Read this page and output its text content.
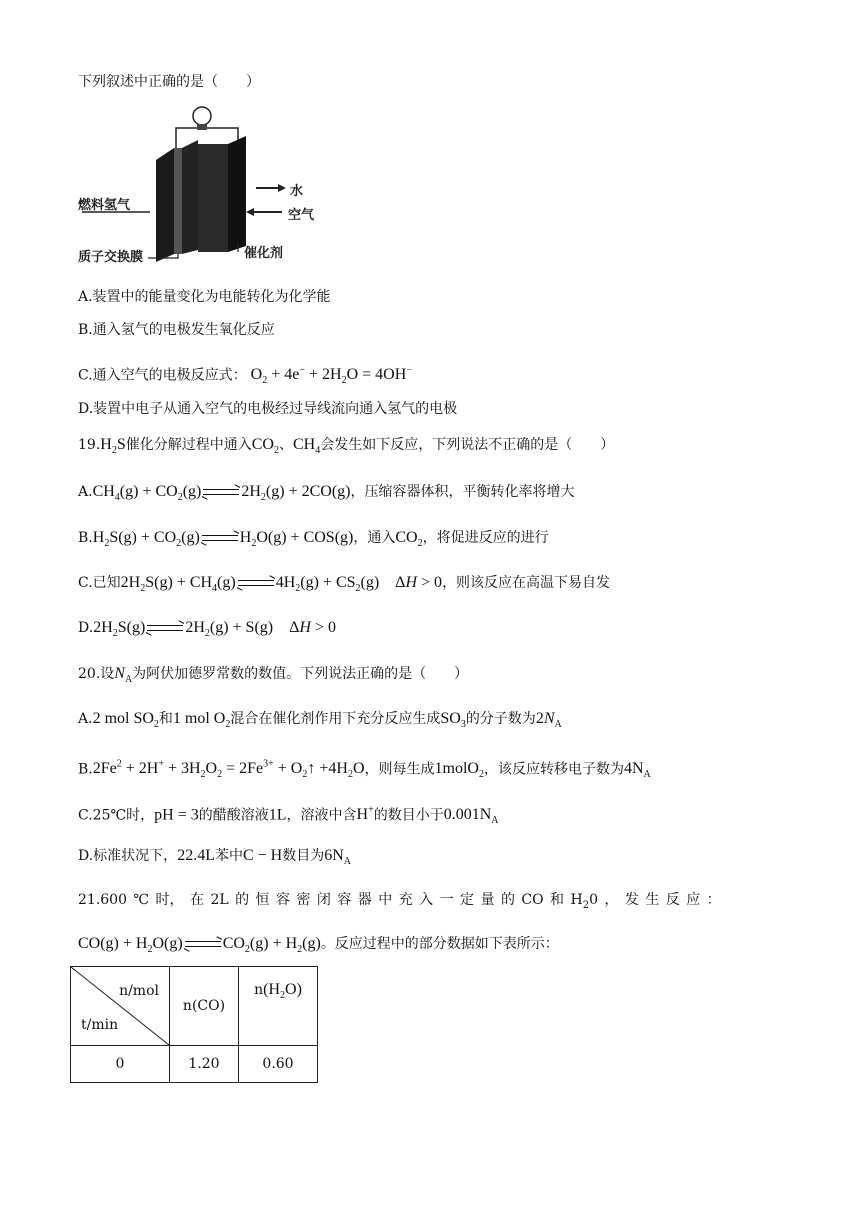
下列叙述中正确的是（　　）
燃料氢气
水
空气
质子交换膜	催化剂
A.装置中的能量变化为电能转化为化学能
B.通入氢气的电极发生氧化反应
C.通入空气的电极反应式： $O_2 + 4e^- + 2H_2O = 4OH^-$
D.装置中电子从通入空气的电极经过导线流向通入氢气的电极
$19.H_2S$催化分解过程中通入$CO_2$、$CH_4$会发生如下反应，下列说法不正确的是（　　）
$A.CH_4(g) + CO_2(g)$	$2H_2(g) + 2CO(g)$，压缩容器体积，平衡转化率将增大
$B.H_2S(g) + CO_2(g)$	$H_2O(g) + COS(g)$，通入$CO_2$，将促进反应的进行
C.已知$2H_2S(g) + CH_4(g)$	$4H_2(g) + CS_2(g)$    ΔH > 0，则该反应在高温下易自发
$D.2H_2S(g)$	$2H_2(g) + S(g)$    ΔH > 0
20.设$N_A$为阿伏加德罗常数的数值。下列说法正确的是（　　）
A.2 mol $SO_2$和1 mol $O_2$混合在催化剂作用下充分反应生成$SO_3$的分子数为$2N_A$
$B.2Fe^2 + 2H^+ + 3H_2O_2 = 2Fe^{3+}$ + $O_2↑ +4H_2O$，则每生成1molO$_2$，该反应转移电子数为$4N_A$
C.25℃时，pH = 3的醋酸溶液1L，溶液中含H+的数目小于$0.001N_A$
D.标准状况下，22.4L苯中C − H数目为$6N_A$
21.600 ℃ 时， 在 2L 的 恒 容 密 闭 容 器 中 充 入 一 定 量 的 CO 和 $H_20$ ， 发 生 反 应 ：
$CO(g) + H_2O(g)$	$CO_2(g) + H_2(g)$。反应过程中的部分数据如下表所示：
n/mol
t/min	n(CO)	$n(H_2O)$
0	1.20	0.60
